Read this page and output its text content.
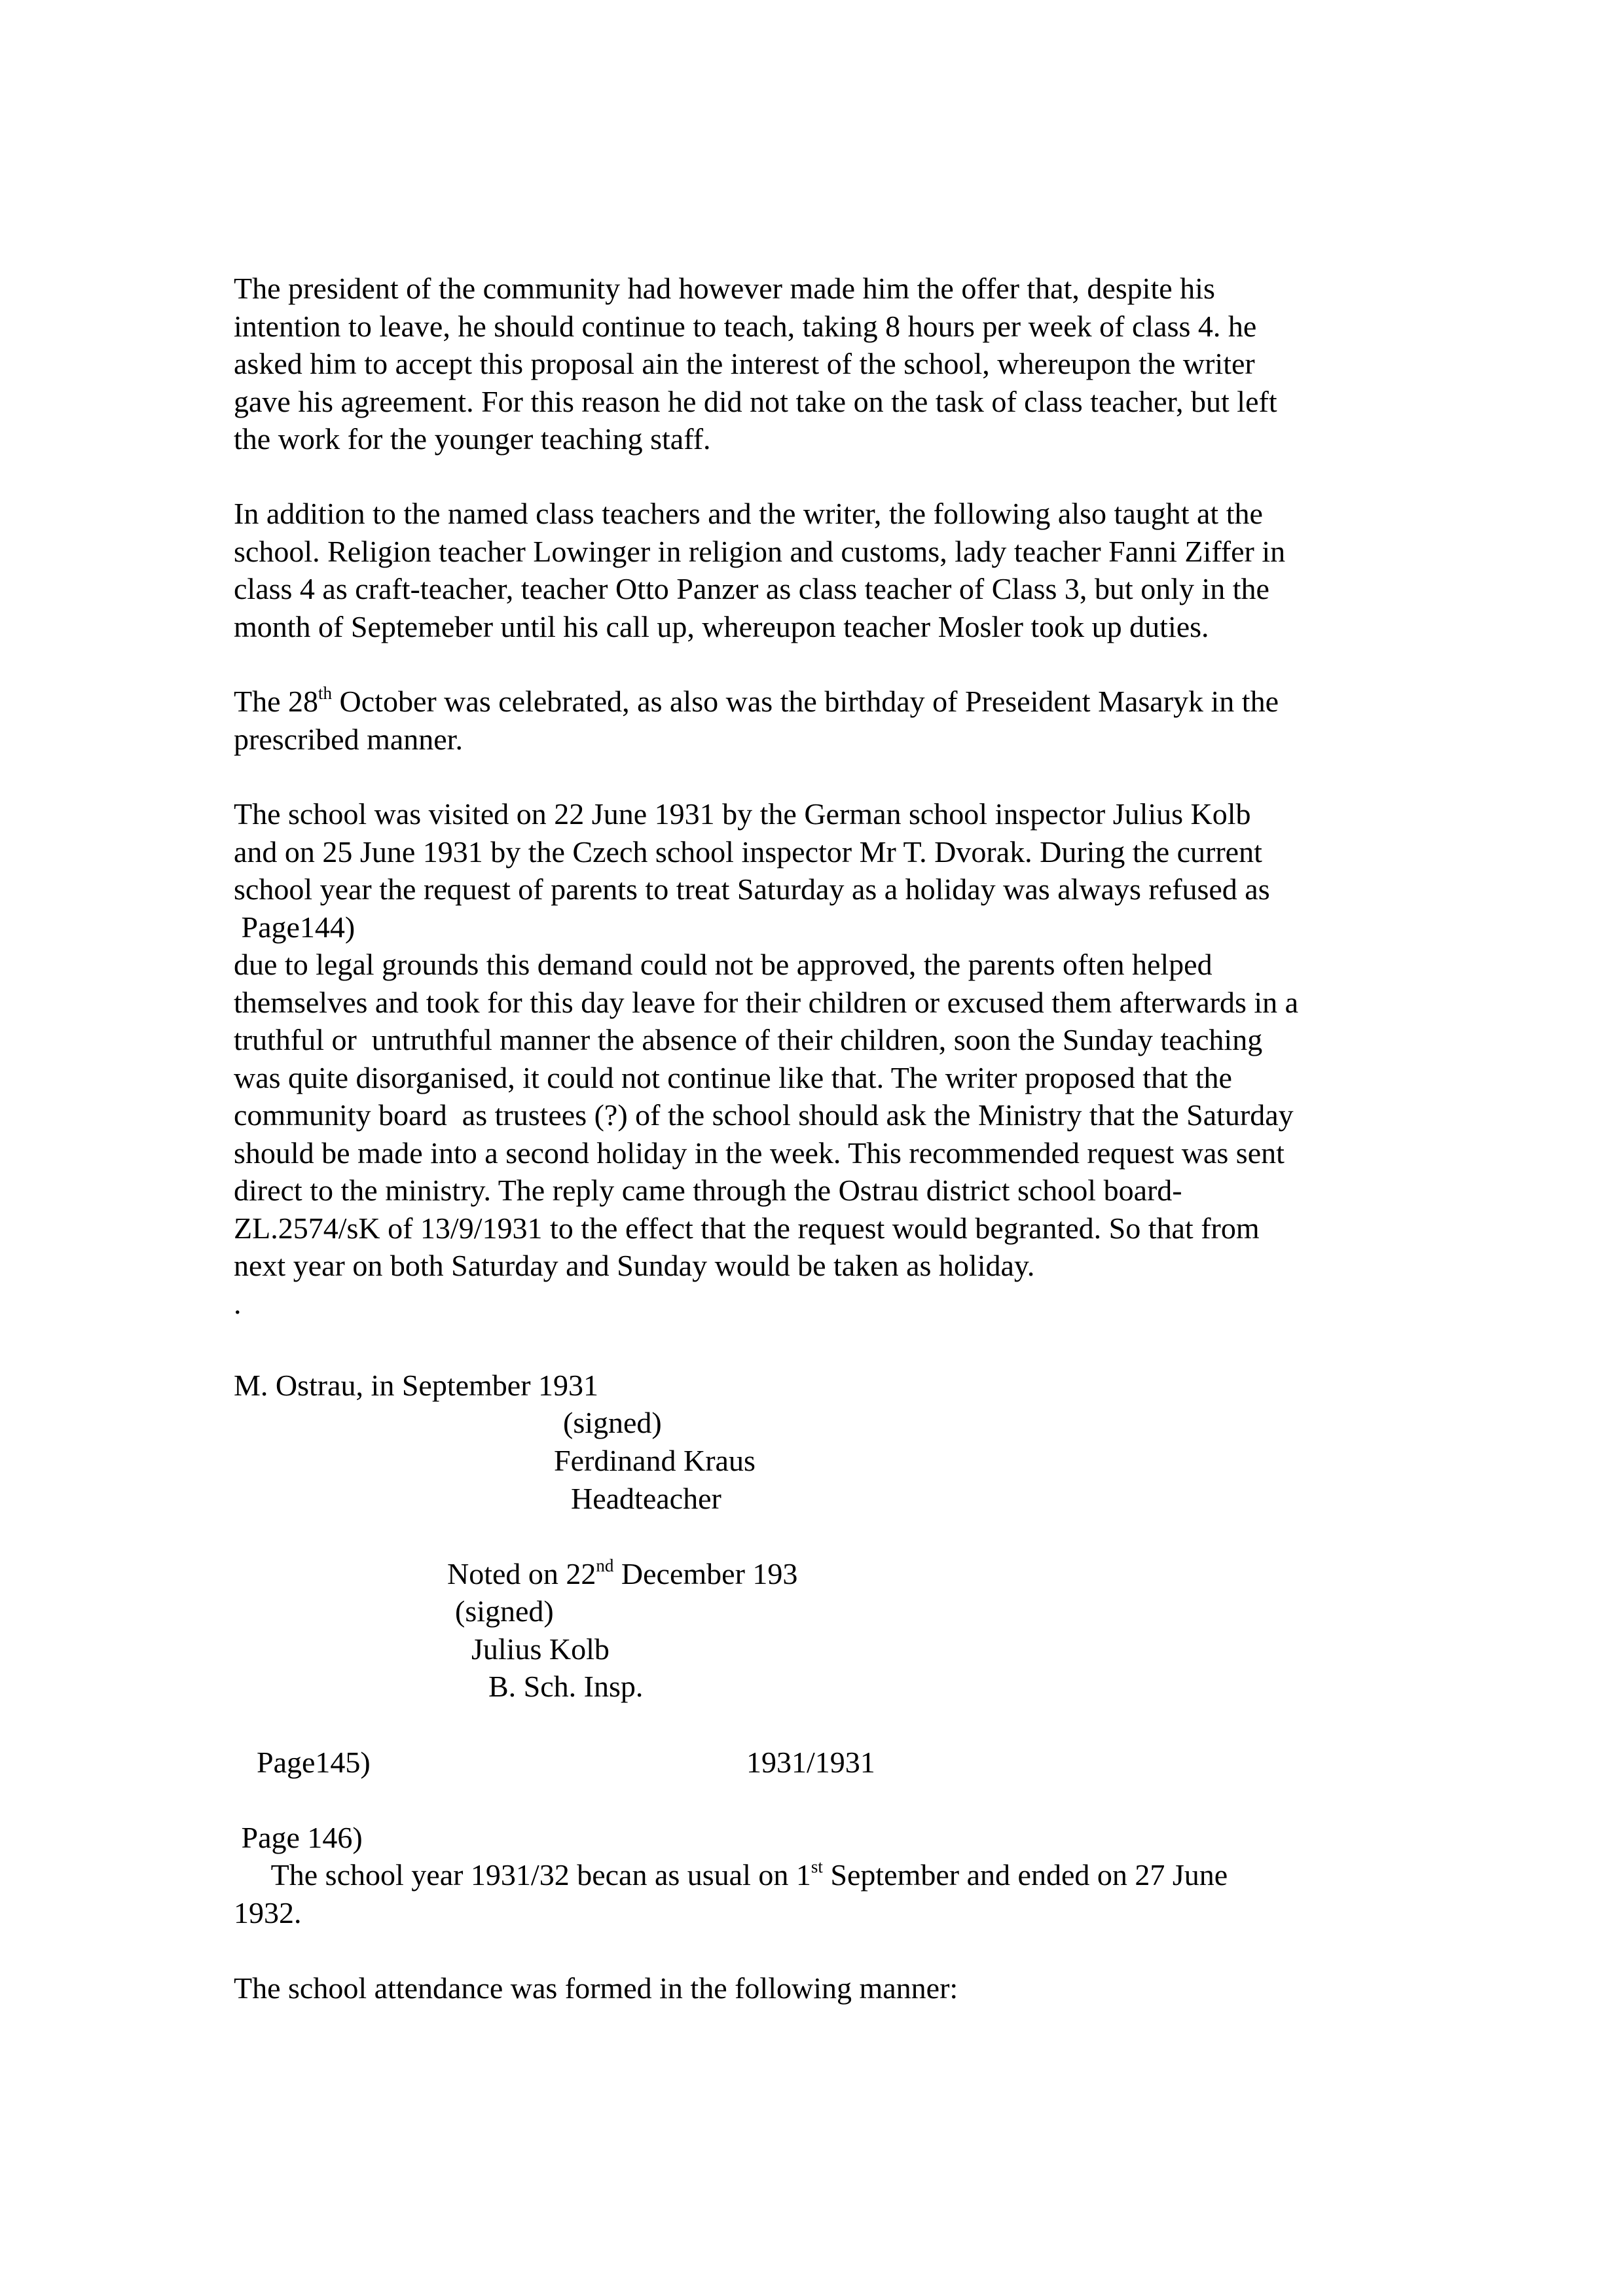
The president of the community had however made him the offer that, despite his
intention to leave, he should continue to teach, taking 8 hours per week of class 4. he
asked him to accept this proposal ain the interest of the school, whereupon the writer
gave his agreement. For this reason he did not take on the task of class teacher, but left
the work for the younger teaching staff.
In addition to the named class teachers and the writer, the following also taught at the
school. Religion teacher Lowinger in religion and customs, lady teacher Fanni Ziffer in
class 4 as craft-teacher, teacher Otto Panzer as class teacher of Class 3, but only in the
month of Septemeber until his call up, whereupon teacher Mosler took up duties.
The 28th October was celebrated, as also was the birthday of Preseident Masaryk in the
prescribed manner.
The school was visited on 22 June 1931 by the German school inspector Julius Kolb
and on 25 June 1931 by the Czech school inspector Mr T. Dvorak. During the current
school year the request of parents to treat Saturday as a holiday was always refused as
Page144)
due to legal grounds this demand could not be approved, the parents often helped
themselves and took for this day leave for their children or excused them afterwards in a
truthful or  untruthful manner the absence of their children, soon the Sunday teaching
was quite disorganised, it could not continue like that. The writer proposed that the
community board  as trustees (?) of the school should ask the Ministry that the Saturday
should be made into a second holiday in the week. This recommended request was sent
direct to the ministry. The reply came through the Ostrau district school board-
ZL.2574/sK of 13/9/1931 to the effect that the request would begranted. So that from
next year on both Saturday and Sunday would be taken as holiday.
.
M. Ostrau, in September 1931
(signed)
Ferdinand Kraus
Headteacher
Noted on 22nd December 193
(signed)
Julius Kolb
B. Sch. Insp.
Page145)	1931/1931
Page 146)
The school year 1931/32 becan as usual on 1st September and ended on 27 June
1932.
The school attendance was formed in the following manner:
